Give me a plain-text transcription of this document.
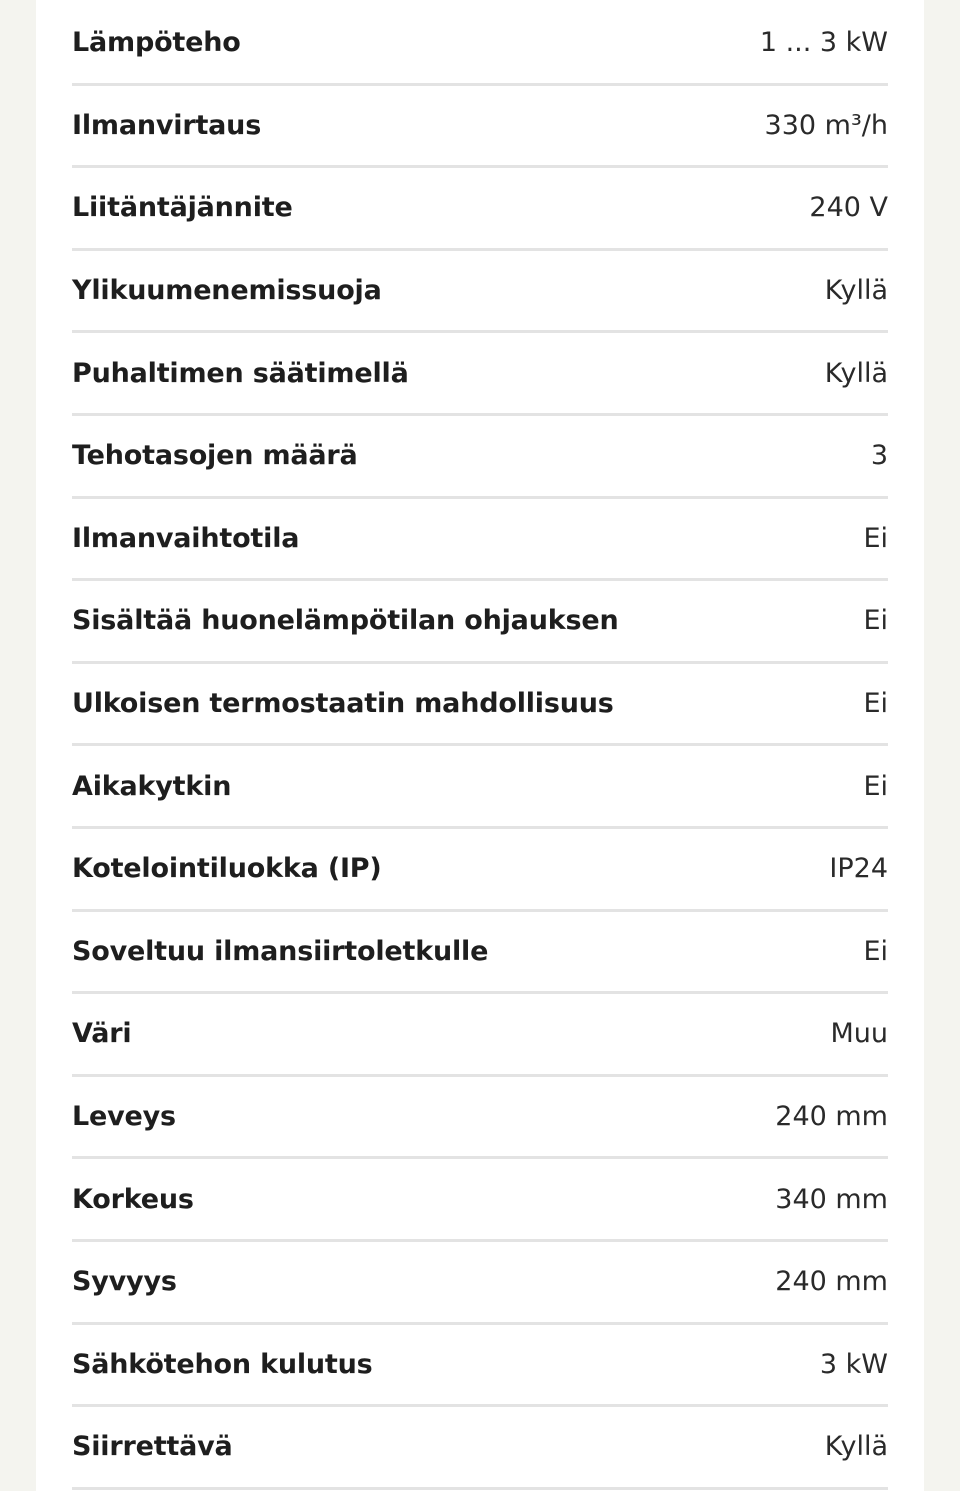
Lämpöteho	1 ... 3 kW
Ilmanvirtaus	330 m³/h
Liitäntäjännite	240 V
Ylikuumenemissuoja	Kyllä
Puhaltimen säätimellä	Kyllä
Tehotasojen määrä	3
Ilmanvaihtotila	Ei
Sisältää huonelämpötilan ohjauksen	Ei
Ulkoisen termostaatin mahdollisuus	Ei
Aikakytkin	Ei
Kotelointiluokka (IP)	IP24
Soveltuu ilmansiirtoletkulle	Ei
Väri	Muu
Leveys	240 mm
Korkeus	340 mm
Syvyys	240 mm
Sähkötehon kulutus	3 kW
Siirrettävä	Kyllä
